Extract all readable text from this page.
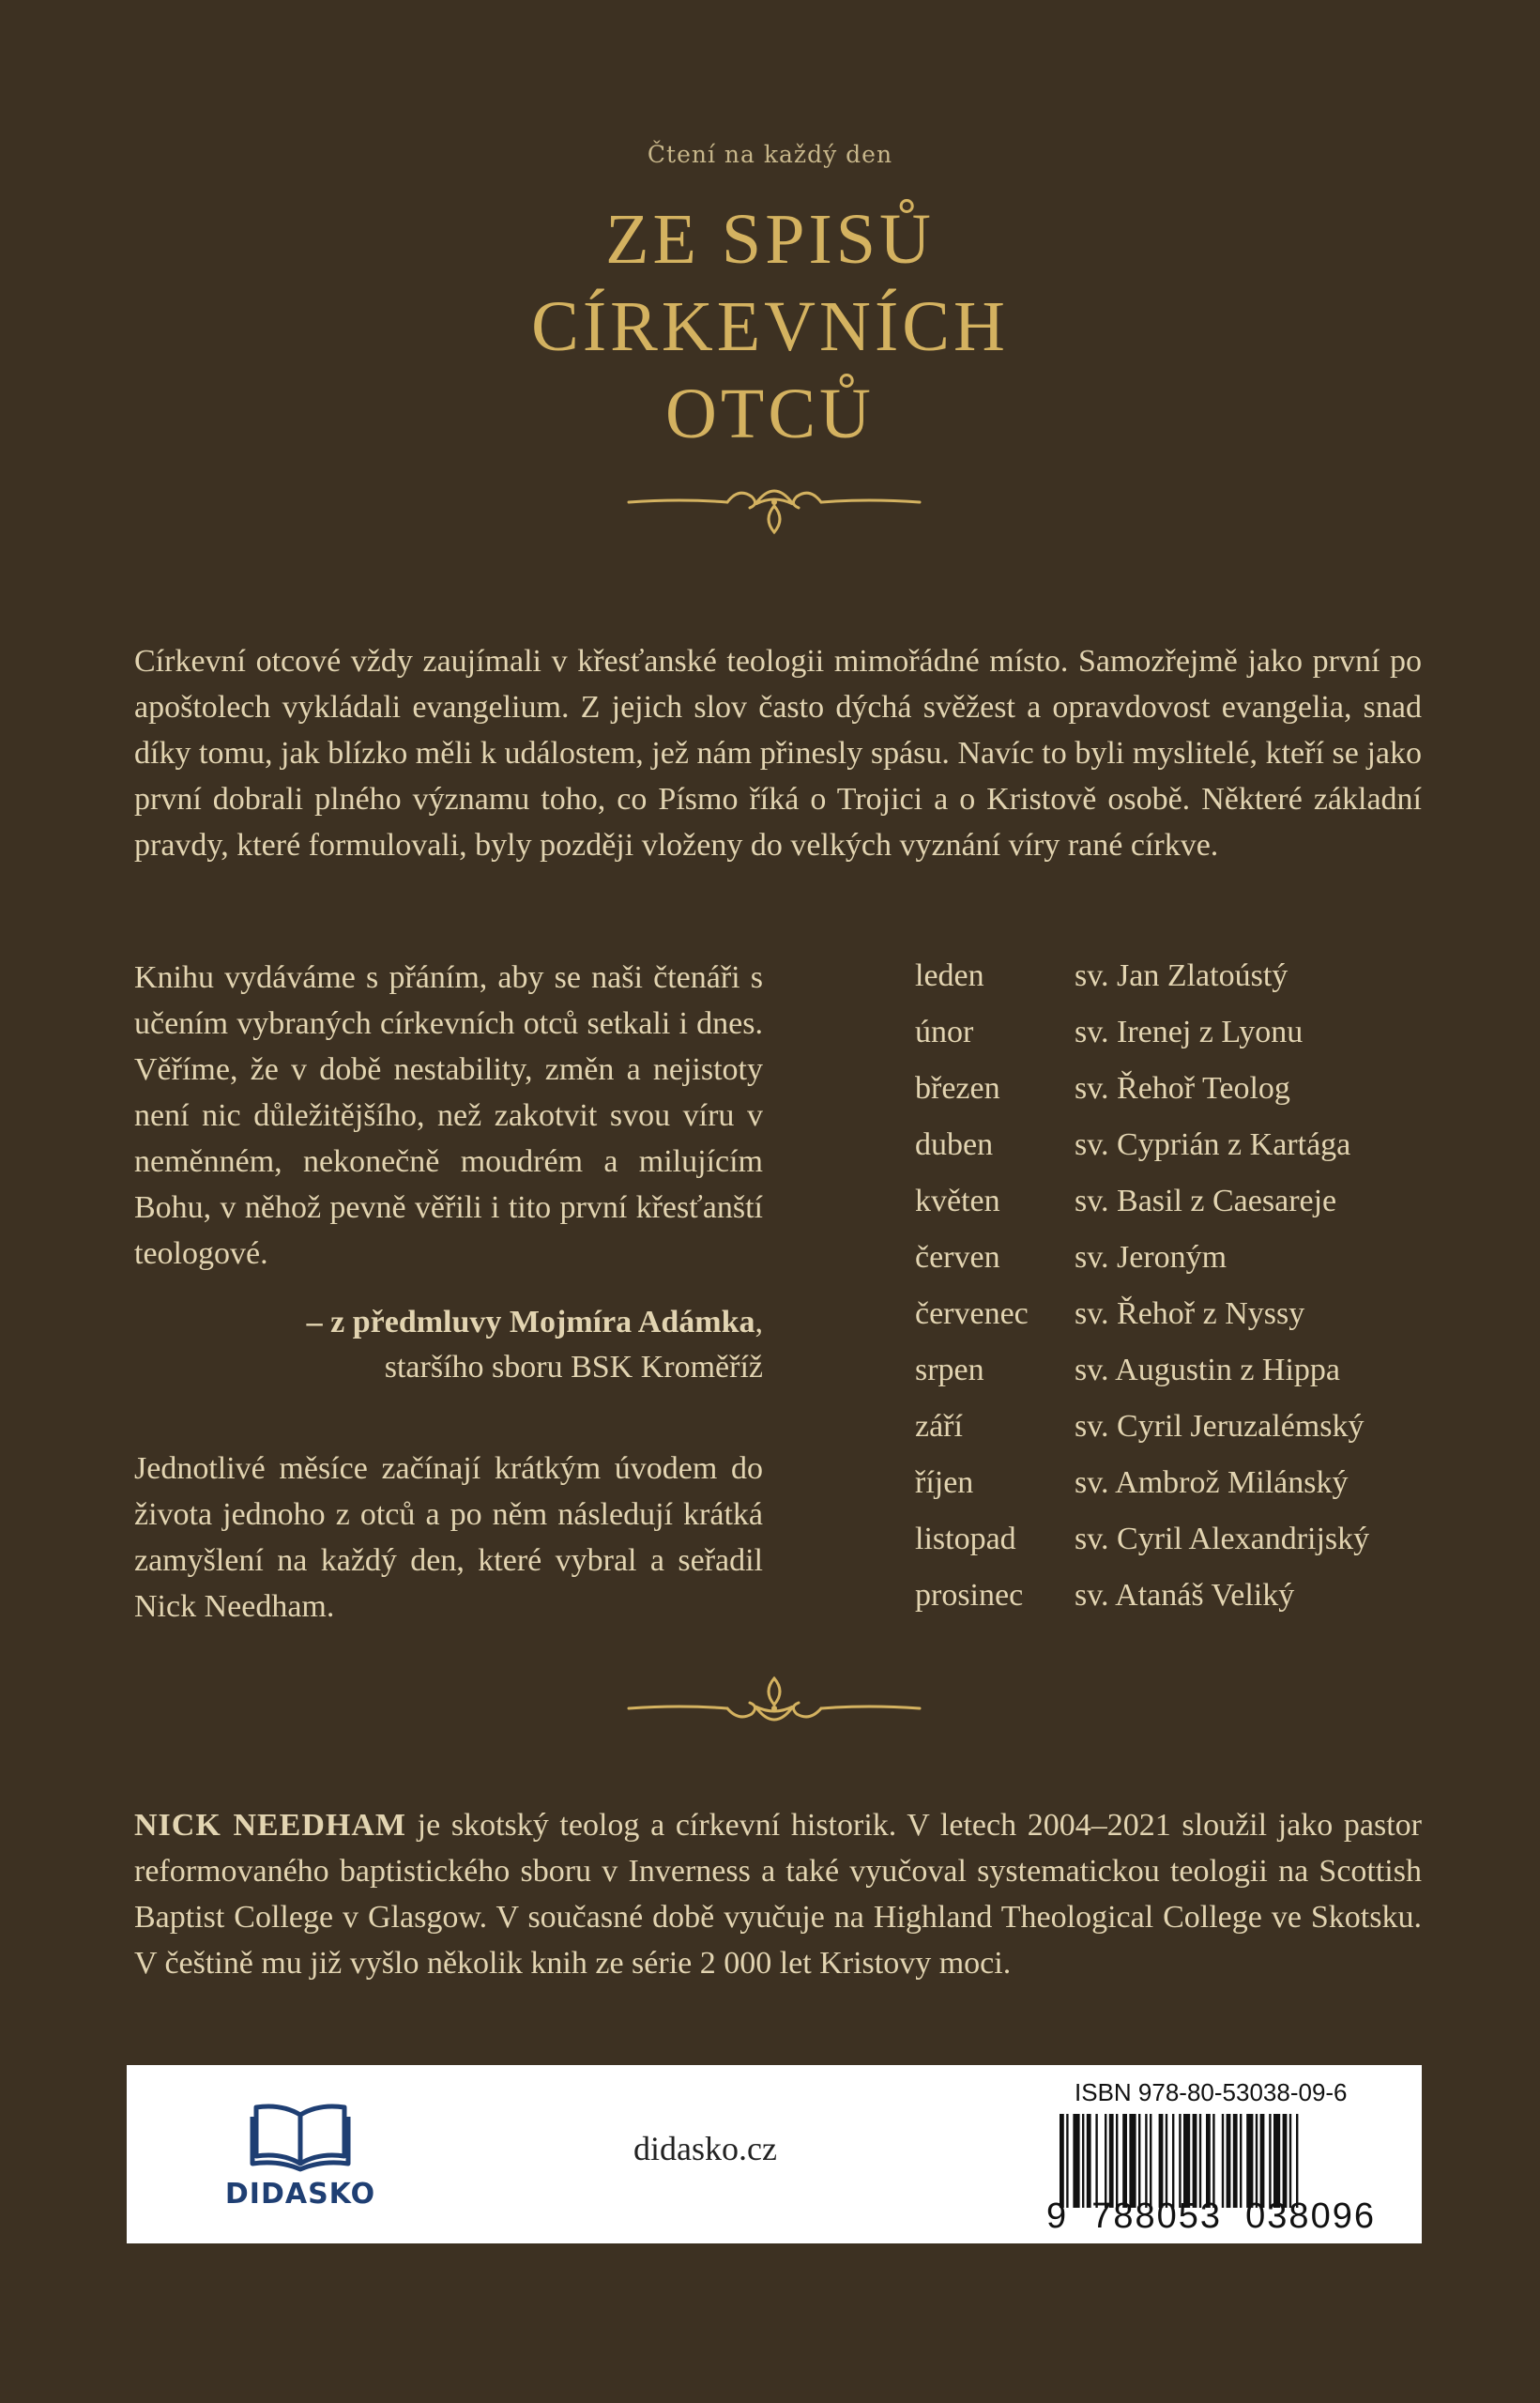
Čtení na každý den
ZE SPISŮ
CÍRKEVNÍCH
OTCŮ

Církevní otcové vždy zaujímali v křesťanské teologii mimořádné místo. Samozřejmě jako první po apoštolech vykládali evangelium. Z jejich slov často dýchá svěžest a opravdovost evangelia, snad díky tomu, jak blízko měli k událostem, jež nám přinesly spásu. Navíc to byli myslitelé, kteří se jako první dobrali plného významu toho, co Písmo říká o Trojici a o Kristově osobě. Některé základní pravdy, které formulovali, byly později vloženy do velkých vyznání víry rané církve.

Knihu vydáváme s přáním, aby se naši čtenáři s učením vybraných církevních otců setkali i dnes. Věříme, že v době nestability, změn a nejistoty není nic důležitějšího, než zakotvit svou víru v neměnném, nekonečně moudrém a milujícím Bohu, v něhož pevně věřili i tito první křesťanští teologové.

– z předmluvy Mojmíra Adámka,
staršího sboru BSK Kroměříž

Jednotlivé měsíce začínají krátkým úvodem do života jednoho z otců a po něm následují krátká zamyšlení na každý den, které vybral a seřadil Nick Needham.

leden	sv. Jan Zlatoústý
únor	sv. Irenej z Lyonu
březen	sv. Řehoř Teolog
duben	sv. Cyprián z Kartága
květen	sv. Basil z Caesareje
červen	sv. Jeroným
červenec	sv. Řehoř z Nyssy
srpen	sv. Augustin z Hippa
září	sv. Cyril Jeruzalémský
říjen	sv. Ambrož Milánský
listopad	sv. Cyril Alexandrijský
prosinec	sv. Atanáš Veliký

NICK NEEDHAM je skotský teolog a církevní historik. V letech 2004–2021 sloužil jako pastor reformovaného baptistického sboru v Inverness a také vyučoval systematickou teologii na Scottish Baptist College v Glasgow. V současné době vyučuje na Highland Theological College ve Skotsku. V češtině mu již vyšlo několik knih ze série 2 000 let Kristovy moci.

DIDASKO
didasko.cz
ISBN 978-80-53038-09-6
9  788053  038096
